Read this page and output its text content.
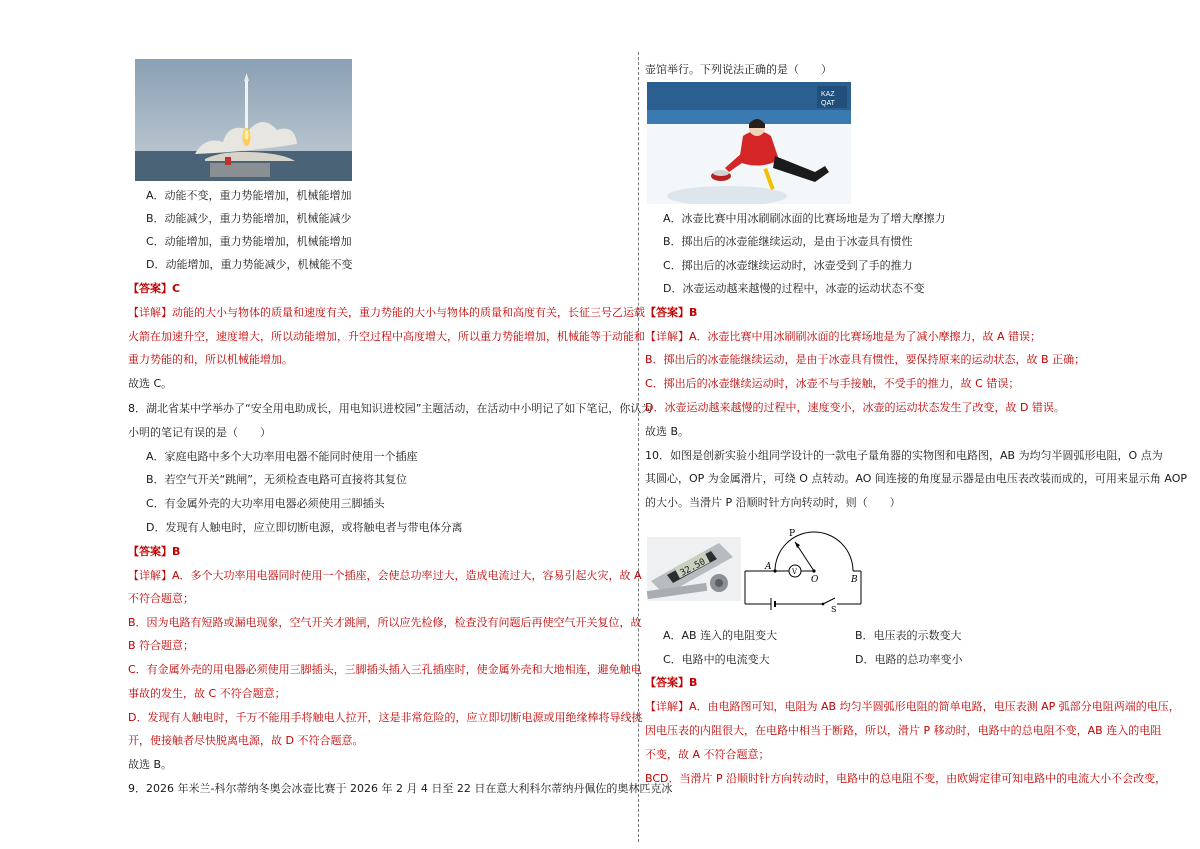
A．动能不变，重力势能增加，机械能增加
B．动能减少，重力势能增加，机械能减少
C．动能增加，重力势能增加，机械能增加
D．动能增加，重力势能减少，机械能不变
【答案】C
【详解】动能的大小与物体的质量和速度有关，重力势能的大小与物体的质量和高度有关，长征三号乙运载
火箭在加速升空，速度增大，所以动能增加，升空过程中高度增大，所以重力势能增加，机械能等于动能和
重力势能的和，所以机械能增加。
故选 C。
8．湖北省某中学举办了“安全用电助成长，用电知识进校园”主题活动，在活动中小明记了如下笔记，你认为
小明的笔记有误的是（　　）
A．家庭电路中多个大功率用电器不能同时使用一个插座
B．若空气开关“跳闸”，无须检查电路可直接将其复位
C．有金属外壳的大功率用电器必须使用三脚插头
D．发现有人触电时，应立即切断电源，或将触电者与带电体分离
【答案】B
【详解】A．多个大功率用电器同时使用一个插座，会使总功率过大，造成电流过大，容易引起火灾，故 A
不符合题意；
B．因为电路有短路或漏电现象，空气开关才跳闸，所以应先检修，检查没有问题后再使空气开关复位，故
B 符合题意；
C．有金属外壳的用电器必须使用三脚插头，三脚插头插入三孔插座时，使金属外壳和大地相连，避免触电
事故的发生，故 C 不符合题意；
D．发现有人触电时，千万不能用手将触电人拉开，这是非常危险的，应立即切断电源或用绝缘棒将导线挑
开，使接触者尽快脱离电源，故 D 不符合题意。
故选 B。
9．2026 年米兰-科尔蒂纳冬奥会冰壶比赛于 2026 年 2 月 4 日至 22 日在意大利科尔蒂纳丹佩佐的奥林匹克冰
壶馆举行。下列说法正确的是（　　）
KAZ
QAT
A．冰壶比赛中用冰刷刷冰面的比赛场地是为了增大摩擦力
B．掷出后的冰壶能继续运动，是由于冰壶具有惯性
C．掷出后的冰壶继续运动时，冰壶受到了手的推力
D．冰壶运动越来越慢的过程中，冰壶的运动状态不变
【答案】B
【详解】A．冰壶比赛中用冰刷刷冰面的比赛场地是为了减小摩擦力，故 A 错误；
B．掷出后的冰壶能继续运动，是由于冰壶具有惯性，要保持原来的运动状态，故 B 正确；
C．掷出后的冰壶继续运动时，冰壶不与手接触，不受手的推力，故 C 错误；
D．冰壶运动越来越慢的过程中，速度变小，冰壶的运动状态发生了改变，故 D 错误。
故选 B。
10．如图是创新实验小组同学设计的一款电子量角器的实物图和电路图，AB 为均匀半圆弧形电阻，O 点为
其圆心，OP 为金属滑片，可绕 O 点转动。AO 间连接的角度显示器是由电压表改装而成的，可用来显示角 AOP
的大小。当滑片 P 沿顺时针方向转动时，则（　　）
32.50	V
P
A
O	B
S
A．AB 连入的电阻变大	B．电压表的示数变大
C．电路中的电流变大	D．电路的总功率变小
【答案】B
【详解】A．由电路图可知，电阻为 AB 均匀半圆弧形电阻的简单电路，电压表测 AP 弧部分电阻两端的电压，
因电压表的内阻很大，在电路中相当于断路，所以，滑片 P 移动时，电路中的总电阻不变，AB 连入的电阻
不变，故 A 不符合题意；
BCD．当滑片 P 沿顺时针方向转动时，电路中的总电阻不变，由欧姆定律可知电路中的电流大小不会改变，
